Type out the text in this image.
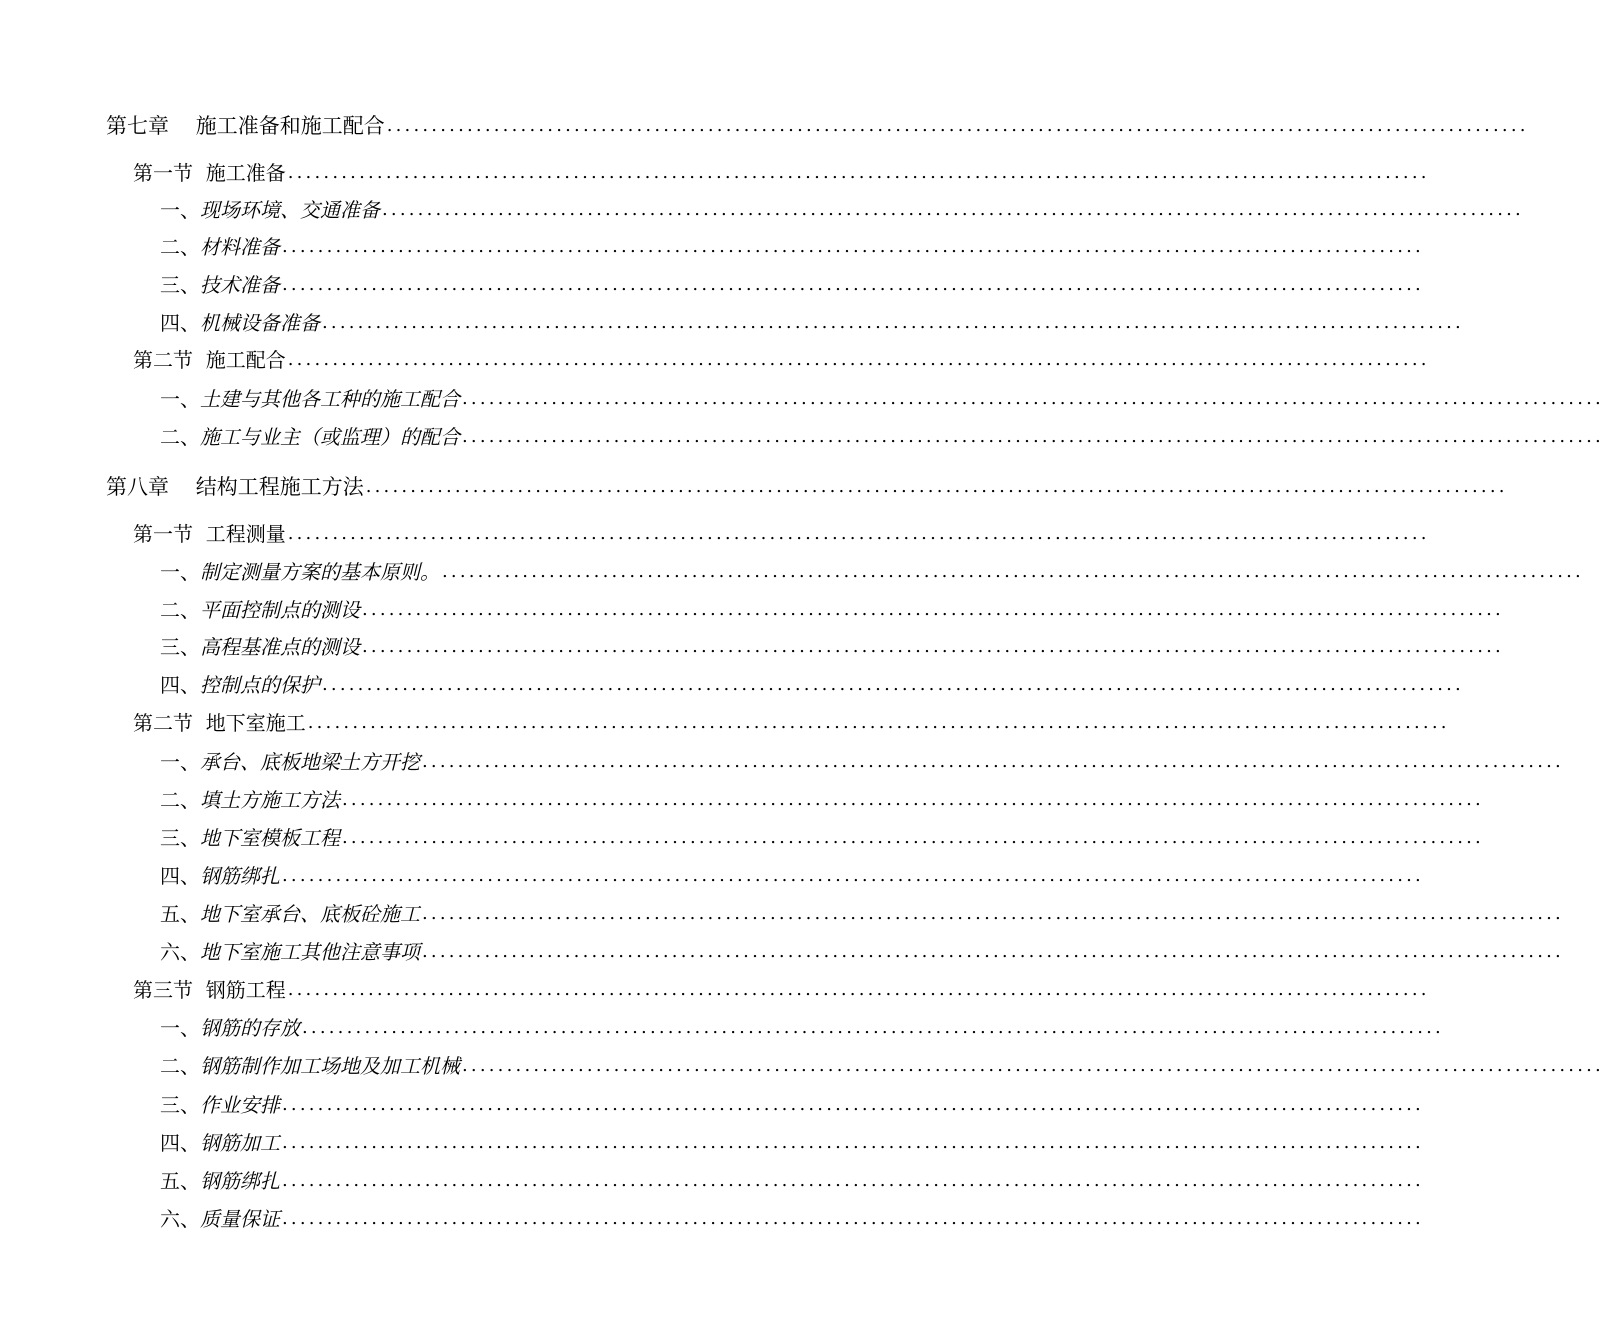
第七章    施工准备和施工配合 ................................................................................................................................
第一节  施工准备 ................................................................................................................................
一、现场环境、交通准备 ................................................................................................................................
二、材料准备 ................................................................................................................................
三、技术准备 ................................................................................................................................
四、机械设备准备 ................................................................................................................................
第二节  施工配合 ................................................................................................................................
一、土建与其他各工种的施工配合 ................................................................................................................................
二、施工与业主（或监理）的配合 ................................................................................................................................
第八章    结构工程施工方法 ................................................................................................................................
第一节  工程测量 ................................................................................................................................
一、制定测量方案的基本原则。 ................................................................................................................................
二、平面控制点的测设 ................................................................................................................................
三、高程基准点的测设 ................................................................................................................................
四、控制点的保护 ................................................................................................................................
第二节  地下室施工 ................................................................................................................................
一、承台、底板地梁土方开挖 ................................................................................................................................
二、填土方施工方法 ................................................................................................................................
三、地下室模板工程 ................................................................................................................................
四、钢筋绑扎 ................................................................................................................................
五、地下室承台、底板砼施工 ................................................................................................................................
六、地下室施工其他注意事项 ................................................................................................................................
第三节  钢筋工程 ................................................................................................................................
一、钢筋的存放 ................................................................................................................................
二、钢筋制作加工场地及加工机械 ................................................................................................................................
三、作业安排 ................................................................................................................................
四、钢筋加工 ................................................................................................................................
五、钢筋绑扎 ................................................................................................................................
六、质量保证 ................................................................................................................................
